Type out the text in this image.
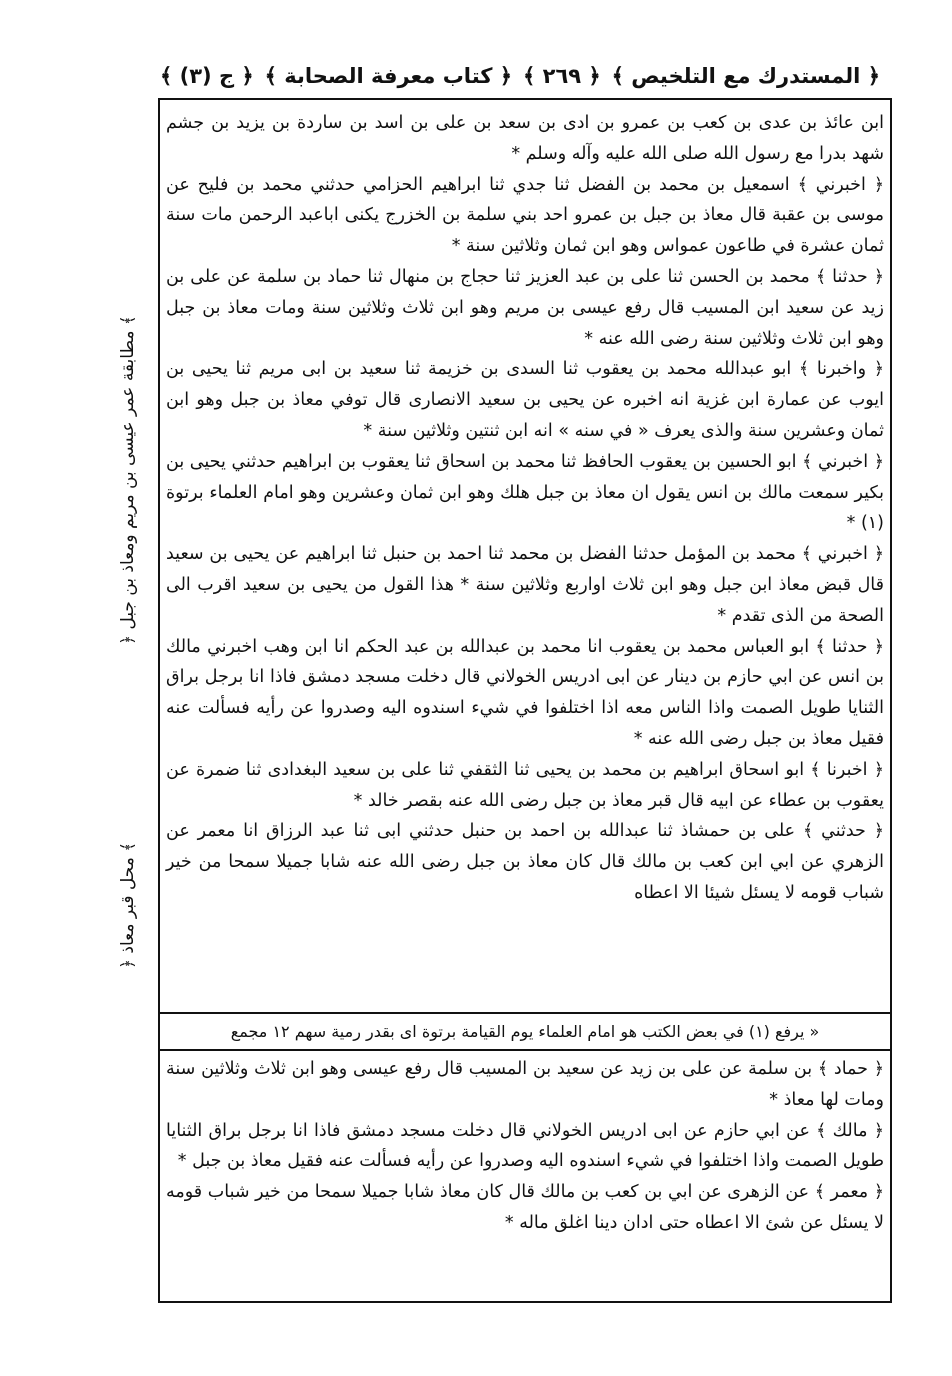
﴿ المستدرك مع التلخيص ﴾
﴿ ٢٦٩ ﴾
﴿ كتاب معرفة الصحابة ﴾
﴿ ج (٣) ﴾

ابن عائذ بن عدى بن كعب بن عمرو بن ادى بن سعد بن على بن اسد بن ساردة بن يزيد بن جشم شهد بدرا مع رسول الله صلى الله عليه وآله وسلم *

﴿ اخبرني ﴾ اسمعيل بن محمد بن الفضل ثنا جدي ثنا ابراهيم الحزامي حدثني محمد بن فليح عن موسى بن عقبة قال معاذ بن جبل بن عمرو احد بني سلمة بن الخزرج يكنى اباعبد الرحمن مات سنة ثمان عشرة في طاعون عمواس وهو ابن ثمان وثلاثين سنة *

﴿ حدثنا ﴾ محمد بن الحسن ثنا على بن عبد العزيز ثنا حجاج بن منهال ثنا حماد بن سلمة عن على بن زيد عن سعيد ابن المسيب قال رفع عيسى بن مريم وهو ابن ثلاث وثلاثين سنة ومات معاذ بن جبل وهو ابن ثلاث وثلاثين سنة رضى الله عنه *

﴿ واخبرنا ﴾ ابو عبدالله محمد بن يعقوب ثنا السدى بن خزيمة ثنا سعيد بن ابى مريم ثنا يحيى بن ايوب عن عمارة ابن غزية انه اخبره عن يحيى بن سعيد الانصارى قال توفي معاذ بن جبل وهو ابن ثمان وعشرين سنة والذى يعرف « في سنه » انه ابن ثنتين وثلاثين سنة *

﴿ اخبرني ﴾ ابو الحسين بن يعقوب الحافظ ثنا محمد بن اسحاق ثنا يعقوب بن ابراهيم حدثني يحيى بن بكير سمعت مالك بن انس يقول ان معاذ بن جبل هلك وهو ابن ثمان وعشرين وهو امام العلماء برتوة (١) *

﴿ اخبرني ﴾ محمد بن المؤمل حدثنا الفضل بن محمد ثنا احمد بن حنبل ثنا ابراهيم عن يحيى بن سعيد قال قبض معاذ ابن جبل وهو ابن ثلاث اواربع وثلاثين سنة * هذا القول من يحيى بن سعيد اقرب الى الصحة من الذى تقدم *

﴿ حدثنا ﴾ ابو العباس محمد بن يعقوب انا محمد بن عبدالله بن عبد الحكم انا ابن وهب اخبرني مالك بن انس عن ابي حازم بن دينار عن ابى ادريس الخولاني قال دخلت مسجد دمشق فاذا انا برجل براق الثنايا طويل الصمت واذا الناس معه اذا اختلفوا في شيء اسندوه اليه وصدروا عن رأيه فسألت عنه فقيل معاذ بن جبل رضى الله عنه *

﴿ اخبرنا ﴾ ابو اسحاق ابراهيم بن محمد بن يحيى ثنا الثقفي ثنا على بن سعيد البغدادى ثنا ضمرة عن يعقوب بن عطاء عن ابيه قال قبر معاذ بن جبل رضى الله عنه بقصر خالد *

﴿ حدثني ﴾ على بن حمشاذ ثنا عبدالله بن احمد بن حنبل حدثني ابى ثنا عبد الرزاق انا معمر عن الزهري عن ابي ابن كعب بن مالك قال كان معاذ بن جبل رضى الله عنه شابا جميلا سمحا من خير شباب قومه لا يسئل شيئا الا اعطاه

« يرفع (١) في بعض الكتب هو امام العلماء يوم القيامة برتوة اى بقدر رمية سهم ١٢ مجمع

﴿ حماد ﴾ بن سلمة عن على بن زيد عن سعيد بن المسيب قال رفع عيسى وهو ابن ثلاث وثلاثين سنة ومات لها معاذ *

﴿ مالك ﴾ عن ابي حازم عن ابى ادريس الخولاني قال دخلت مسجد دمشق فاذا انا برجل براق الثنايا طويل الصمت واذا اختلفوا في شيء اسندوه اليه وصدروا عن رأيه فسألت عنه فقيل معاذ بن جبل *

﴿ معمر ﴾ عن الزهرى عن ابي بن كعب بن مالك قال كان معاذ شابا جميلا سمحا من خير شباب قومه لا يسئل عن شئ الا اعطاه حتى ادان دينا اغلق ماله *

﴿ مطابقة عمر عيسى بن مريم ومعاذ بن جبل ﴾
﴿ محل قبر معاذ ﴾
